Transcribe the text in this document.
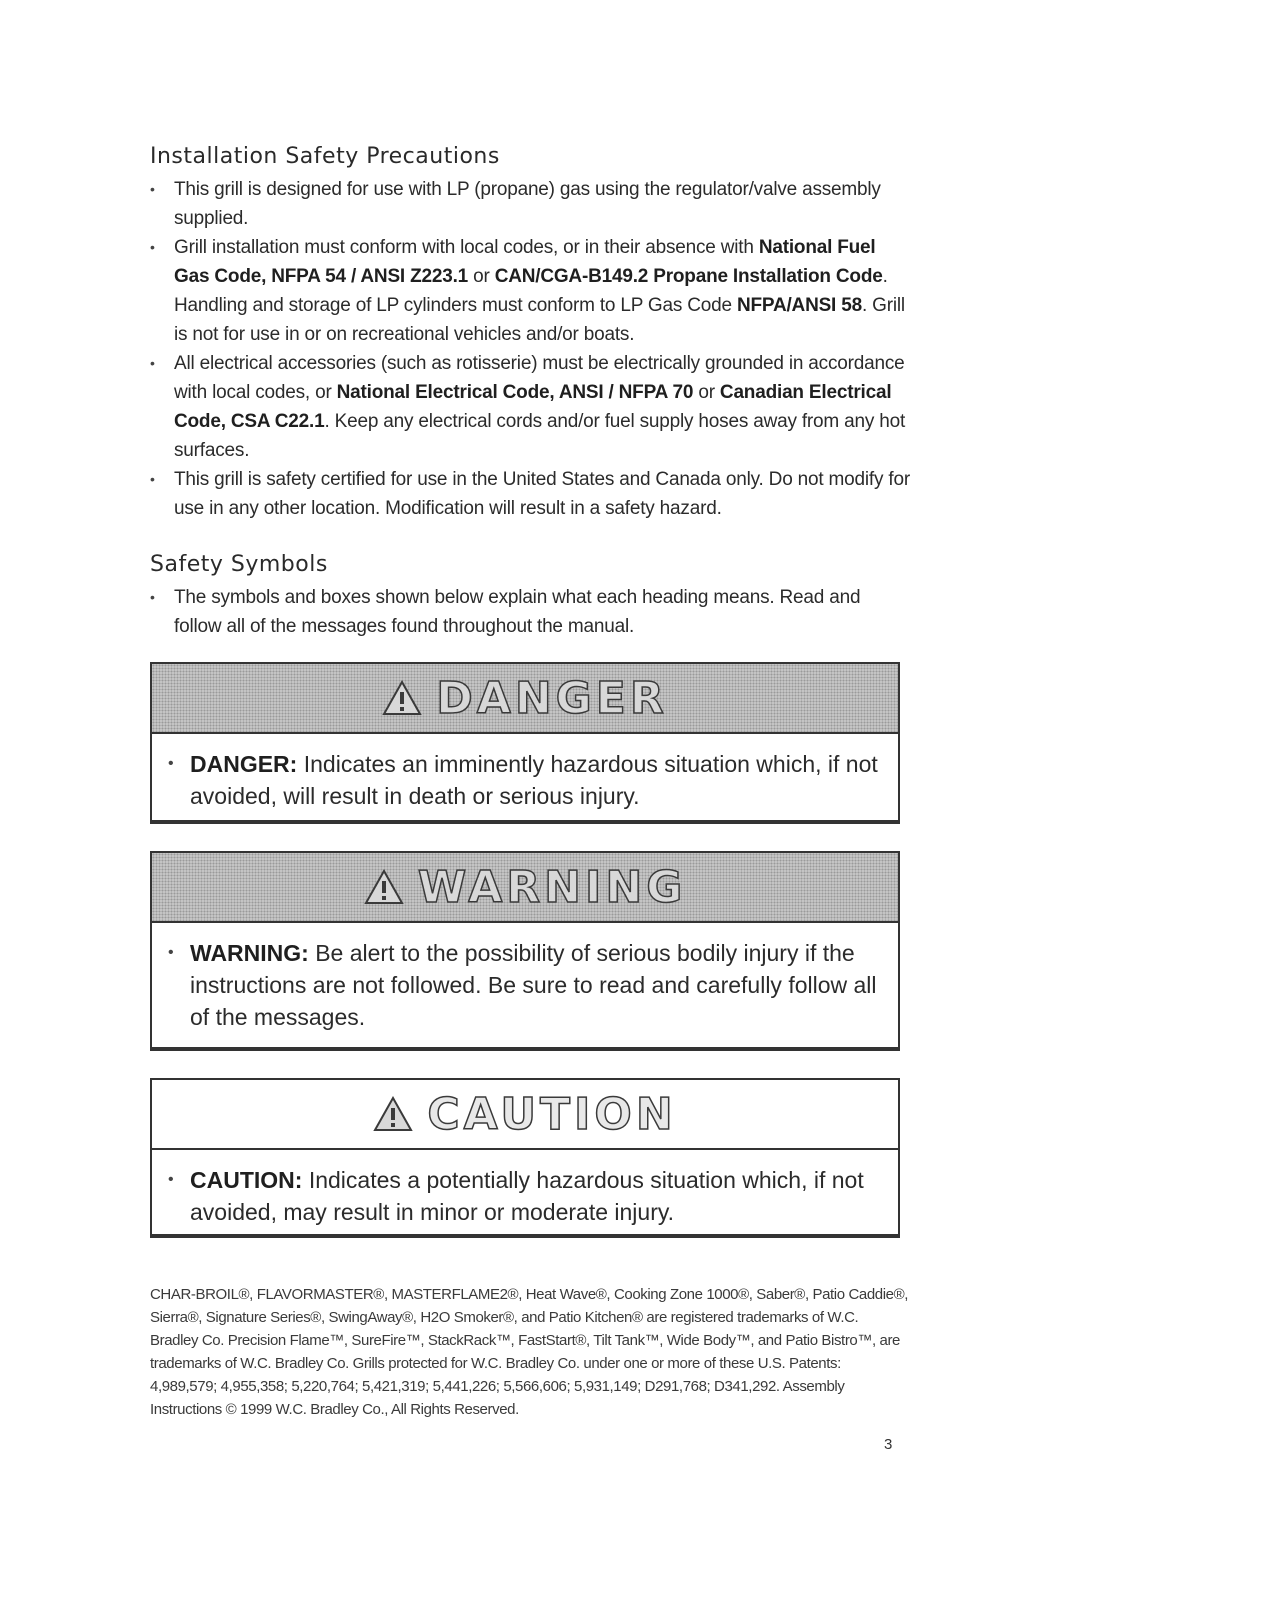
Installation Safety Precautions
• This grill is designed for use with LP (propane) gas using the regulator/valve assembly supplied.
• Grill installation must conform with local codes, or in their absence with National Fuel Gas Code, NFPA 54 / ANSI Z223.1 or CAN/CGA-B149.2 Propane Installation Code. Handling and storage of LP cylinders must conform to LP Gas Code NFPA/ANSI 58. Grill is not for use in or on recreational vehicles and/or boats.
• All electrical accessories (such as rotisserie) must be electrically grounded in accordance with local codes, or National Electrical Code, ANSI / NFPA 70 or Canadian Electrical Code, CSA C22.1. Keep any electrical cords and/or fuel supply hoses away from any hot surfaces.
• This grill is safety certified for use in the United States and Canada only. Do not modify for use in any other location. Modification will result in a safety hazard.
Safety Symbols
• The symbols and boxes shown below explain what each heading means. Read and follow all of the messages found throughout the manual.
DANGER
• DANGER: Indicates an imminently hazardous situation which, if not avoided, will result in death or serious injury.
WARNING
• WARNING: Be alert to the possibility of serious bodily injury if the instructions are not followed. Be sure to read and carefully follow all of the messages.
CAUTION
• CAUTION: Indicates a potentially hazardous situation which, if not avoided, may result in minor or moderate injury.

CHAR-BROIL®, FLAVORMASTER®, MASTERFLAME2®, Heat Wave®, Cooking Zone 1000®, Saber®, Patio Caddie®, Sierra®, Signature Series®, SwingAway®, H2O Smoker®, and Patio Kitchen® are registered trademarks of W.C. Bradley Co. Precision Flame™, SureFire™, StackRack™, FastStart®, Tilt Tank™, Wide Body™, and Patio Bistro™, are trademarks of W.C. Bradley Co. Grills protected for W.C. Bradley Co. under one or more of these U.S. Patents: 4,989,579; 4,955,358; 5,220,764; 5,421,319; 5,441,226; 5,566,606; 5,931,149; D291,768; D341,292. Assembly Instructions © 1999 W.C. Bradley Co., All Rights Reserved.

3
